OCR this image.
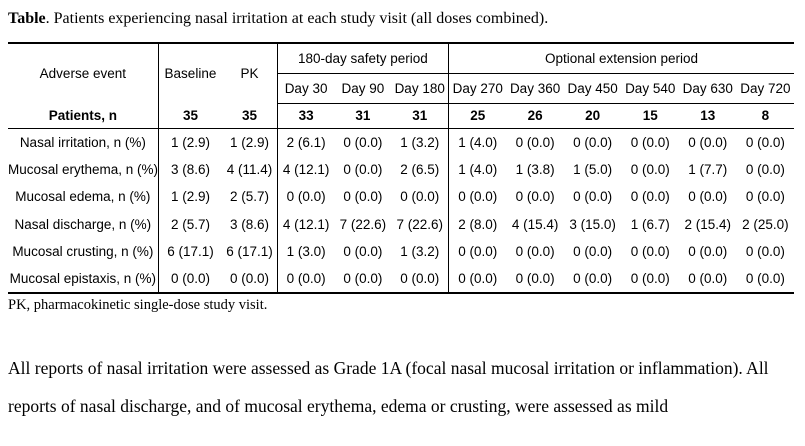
Table. Patients experiencing nasal irritation at each study visit (all doses combined).

Adverse event	Baseline	PK	180-day safety period			Optional extension period					
			Day 30	Day 90	Day 180	Day 270	Day 360	Day 450	Day 540	Day 630	Day 720
Patients, n	35	35	33	31	31	25	26	20	15	13	8
Nasal irritation, n (%)	1 (2.9)	1 (2.9)	2 (6.1)	0 (0.0)	1 (3.2)	1 (4.0)	0 (0.0)	0 (0.0)	0 (0.0)	0 (0.0)	0 (0.0)
Mucosal erythema, n (%)	3 (8.6)	4 (11.4)	4 (12.1)	0 (0.0)	2 (6.5)	1 (4.0)	1 (3.8)	1 (5.0)	0 (0.0)	1 (7.7)	0 (0.0)
Mucosal edema, n (%)	1 (2.9)	2 (5.7)	0 (0.0)	0 (0.0)	0 (0.0)	0 (0.0)	0 (0.0)	0 (0.0)	0 (0.0)	0 (0.0)	0 (0.0)
Nasal discharge, n (%)	2 (5.7)	3 (8.6)	4 (12.1)	7 (22.6)	7 (22.6)	2 (8.0)	4 (15.4)	3 (15.0)	1 (6.7)	2 (15.4)	2 (25.0)
Mucosal crusting, n (%)	6 (17.1)	6 (17.1)	1 (3.0)	0 (0.0)	1 (3.2)	0 (0.0)	0 (0.0)	0 (0.0)	0 (0.0)	0 (0.0)	0 (0.0)
Mucosal epistaxis, n (%)	0 (0.0)	0 (0.0)	0 (0.0)	0 (0.0)	0 (0.0)	0 (0.0)	0 (0.0)	0 (0.0)	0 (0.0)	0 (0.0)	0 (0.0)

PK, pharmacokinetic single-dose study visit.

All reports of nasal irritation were assessed as Grade 1A (focal nasal mucosal irritation or inflammation). All reports of nasal discharge, and of mucosal erythema, edema or crusting, were assessed as mild
